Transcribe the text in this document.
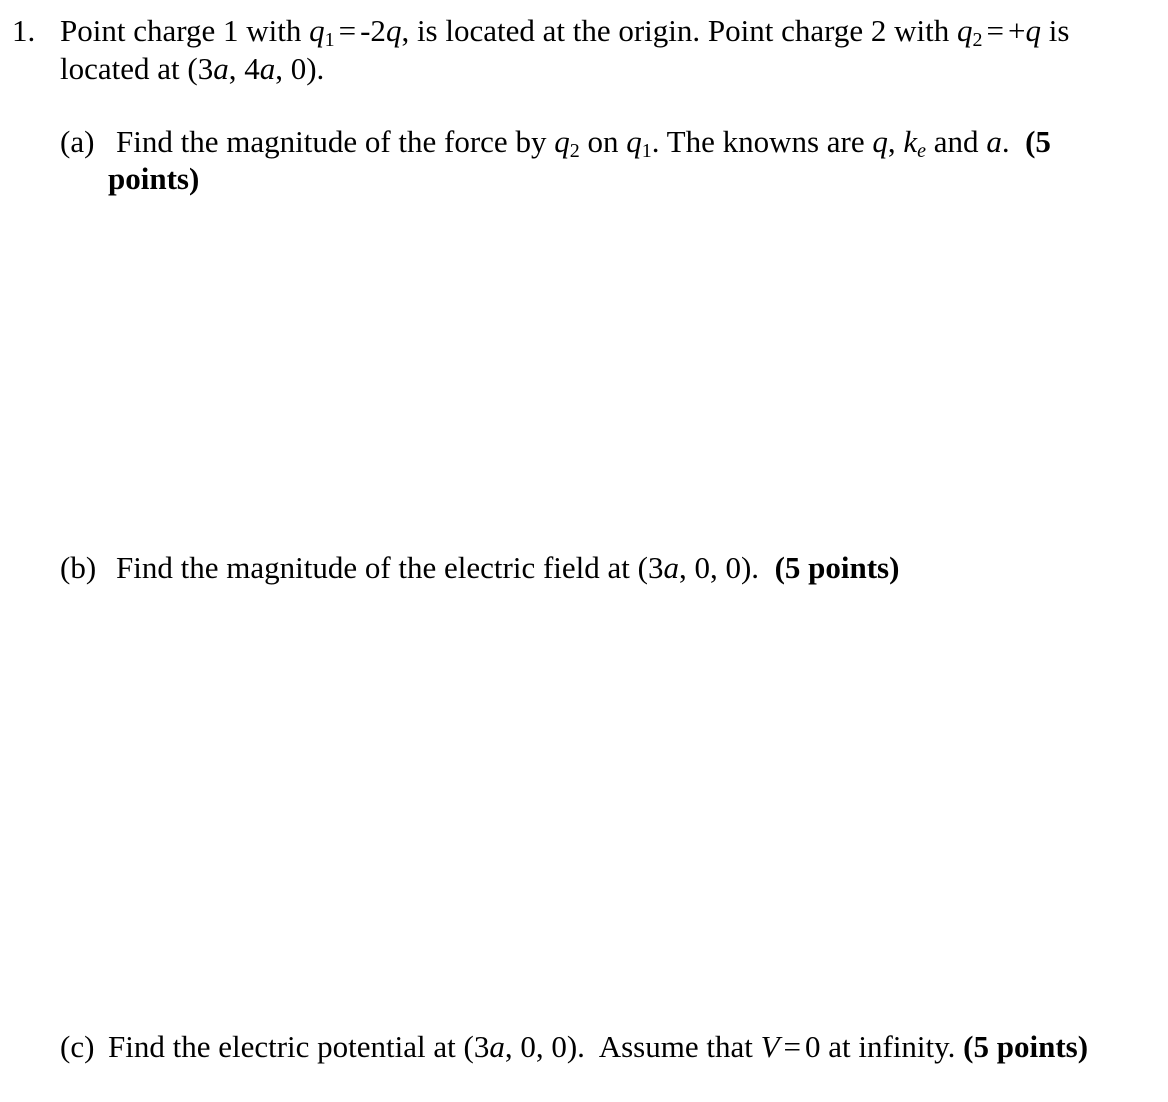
1. Point charge 1 with $q_1 = -2q$, is located at the origin. Point charge 2 with $q_2 = +q$ is
located at (3a, 4a, 0).
(a) Find the magnitude of the force by $q_2$ on $q_1$. The knowns are q, $k_e$ and a.  (5
points)
(b) Find the magnitude of the electric field at (3a, 0, 0).  (5 points)
(c) Find the electric potential at (3a, 0, 0).  Assume that V = 0 at infinity. (5 points)
